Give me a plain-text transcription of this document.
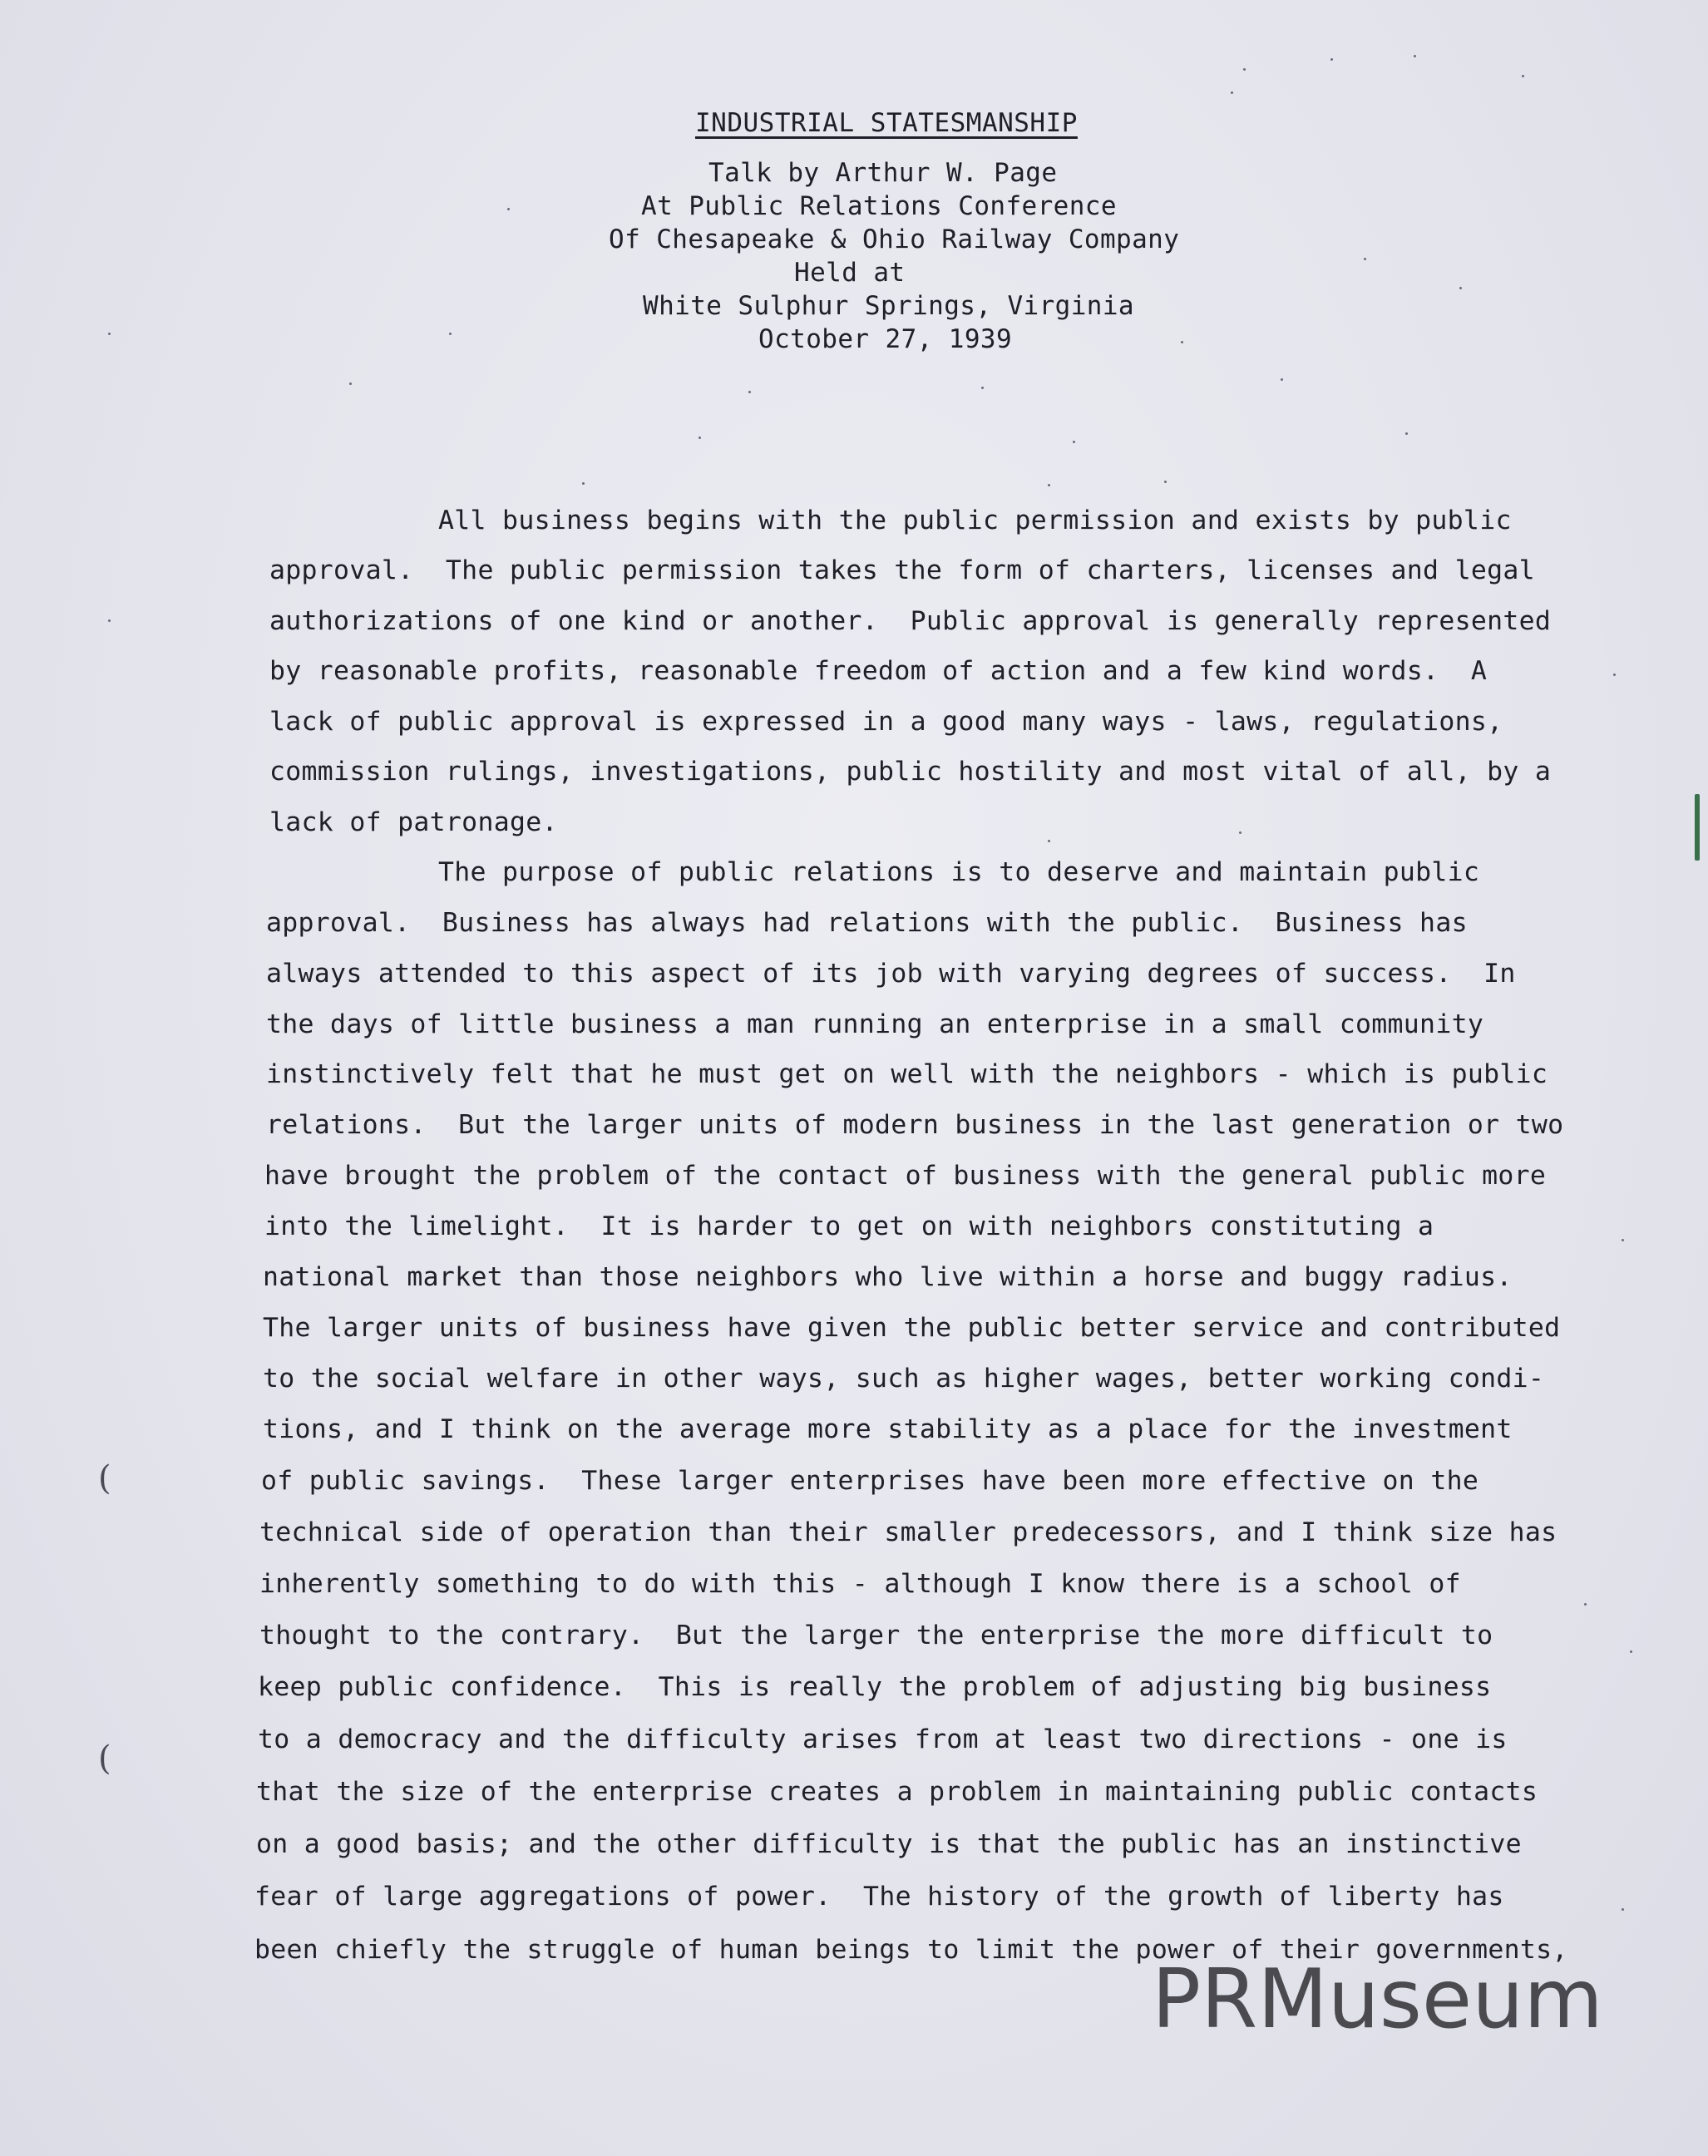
INDUSTRIAL STATESMANSHIP
Talk by Arthur W. Page
At Public Relations Conference
Of Chesapeake & Ohio Railway Company
Held at
White Sulphur Springs, Virginia
October 27, 1939
All business begins with the public permission and exists by public
approval.  The public permission takes the form of charters, licenses and legal
authorizations of one kind or another.  Public approval is generally represented
by reasonable profits, reasonable freedom of action and a few kind words.  A
lack of public approval is expressed in a good many ways - laws, regulations,
commission rulings, investigations, public hostility and most vital of all, by a
lack of patronage.
The purpose of public relations is to deserve and maintain public
approval.  Business has always had relations with the public.  Business has
always attended to this aspect of its job with varying degrees of success.  In
the days of little business a man running an enterprise in a small community
instinctively felt that he must get on well with the neighbors - which is public
relations.  But the larger units of modern business in the last generation or two
have brought the problem of the contact of business with the general public more
into the limelight.  It is harder to get on with neighbors constituting a
national market than those neighbors who live within a horse and buggy radius.
The larger units of business have given the public better service and contributed
to the social welfare in other ways, such as higher wages, better working condi-
tions, and I think on the average more stability as a place for the investment
of public savings.  These larger enterprises have been more effective on the
technical side of operation than their smaller predecessors, and I think size has
inherently something to do with this - although I know there is a school of
thought to the contrary.  But the larger the enterprise the more difficult to
keep public confidence.  This is really the problem of adjusting big business
to a democracy and the difficulty arises from at least two directions - one is
that the size of the enterprise creates a problem in maintaining public contacts
on a good basis; and the other difficulty is that the public has an instinctive
fear of large aggregations of power.  The history of the growth of liberty has
been chiefly the struggle of human beings to limit the power of their governments,
PRMuseum
(
(
